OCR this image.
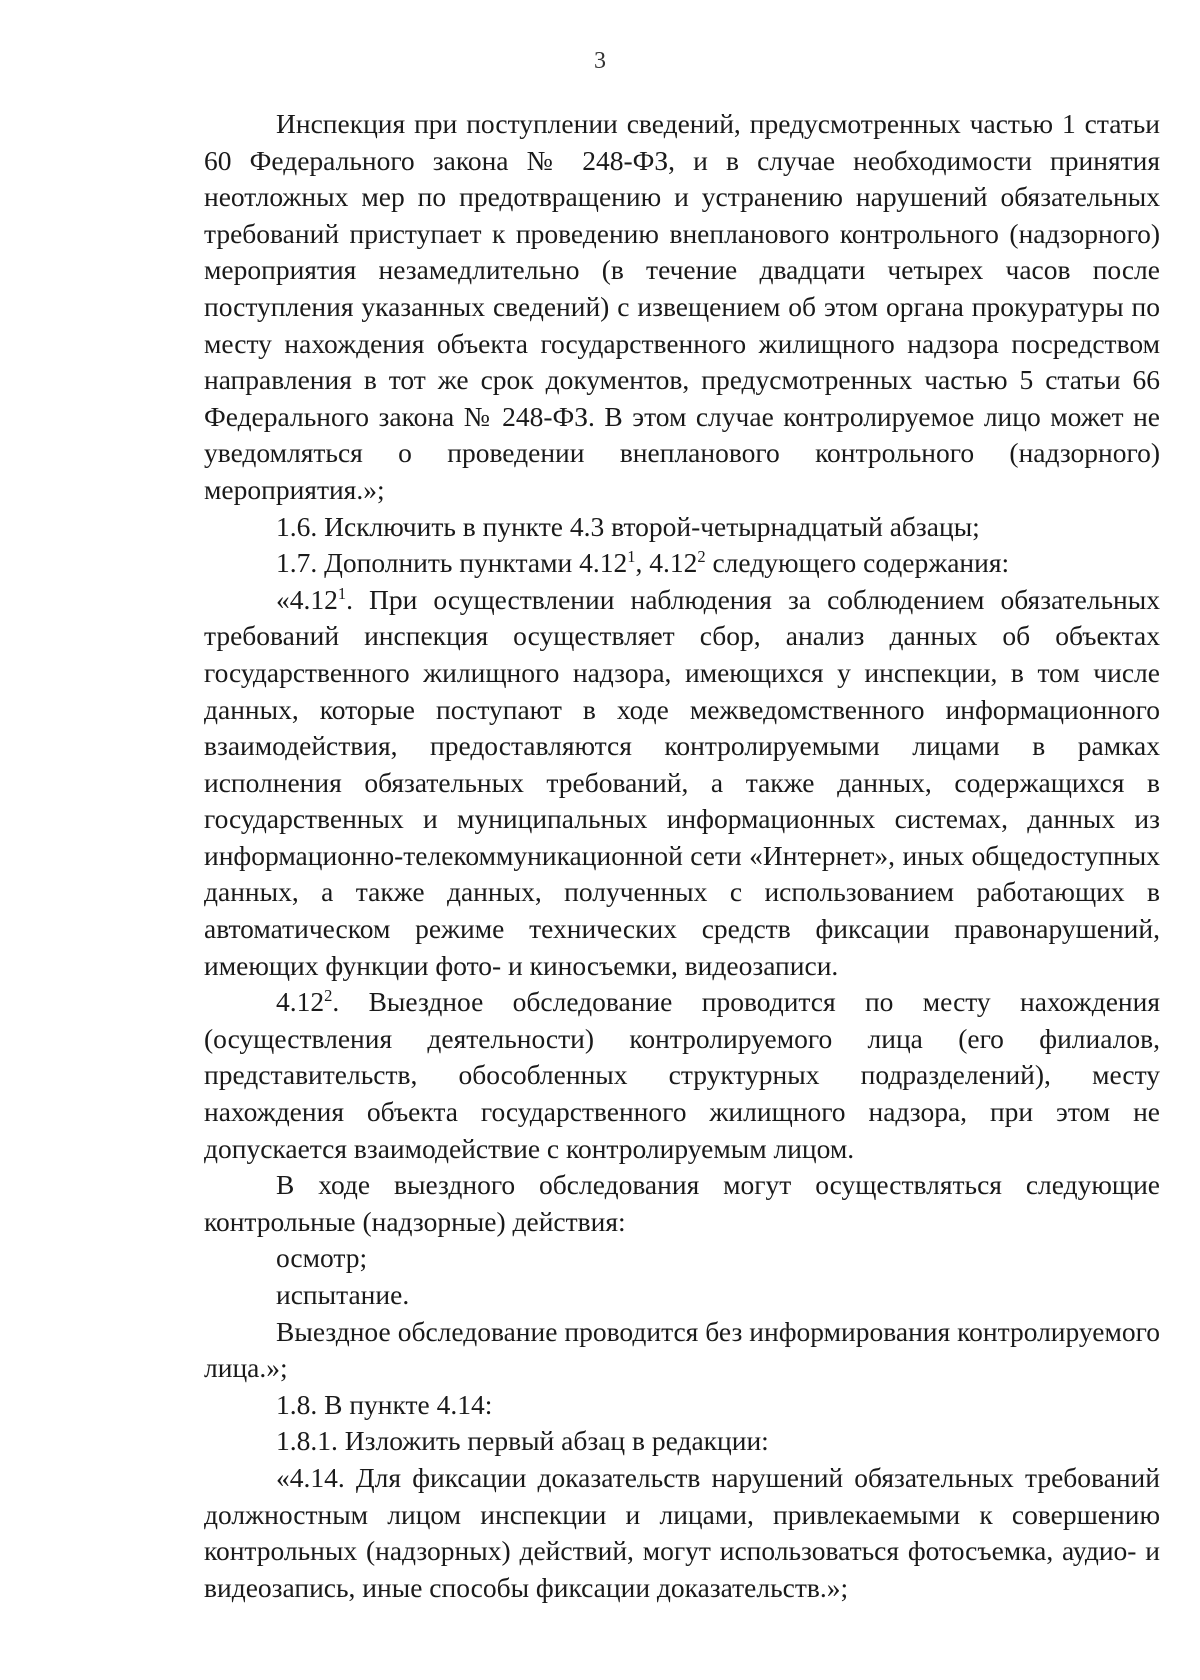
3

Инспекция при поступлении сведений, предусмотренных частью 1 статьи 60 Федерального закона № 248-ФЗ, и в случае необходимости принятия неотложных мер по предотвращению и устранению нарушений обязательных требований приступает к проведению внепланового контрольного (надзорного) мероприятия незамедлительно (в течение двадцати четырех часов после поступления указанных сведений) с извещением об этом органа прокуратуры по месту нахождения объекта государственного жилищного надзора посредством направления в тот же срок документов, предусмотренных частью 5 статьи 66 Федерального закона № 248-ФЗ. В этом случае контролируемое лицо может не уведомляться о проведении внепланового контрольного (надзорного) мероприятия.»;

1.6. Исключить в пункте 4.3 второй-четырнадцатый абзацы;

1.7. Дополнить пунктами 4.12$^1$, 4.12$^2$ следующего содержания:

«4.12$^1$. При осуществлении наблюдения за соблюдением обязательных требований инспекция осуществляет сбор, анализ данных об объектах государственного жилищного надзора, имеющихся у инспекции, в том числе данных, которые поступают в ходе межведомственного информационного взаимодействия, предоставляются контролируемыми лицами в рамках исполнения обязательных требований, а также данных, содержащихся в государственных и муниципальных информационных системах, данных из информационно-телекоммуникационной сети «Интернет», иных общедоступных данных, а также данных, полученных с использованием работающих в автоматическом режиме технических средств фиксации правонарушений, имеющих функции фото- и киносъемки, видеозаписи.

4.12$^2$. Выездное обследование проводится по месту нахождения (осуществления деятельности) контролируемого лица (его филиалов, представительств, обособленных структурных подразделений), месту нахождения объекта государственного жилищного надзора, при этом не допускается взаимодействие с контролируемым лицом.

В ходе выездного обследования могут осуществляться следующие контрольные (надзорные) действия:

осмотр;

испытание.

Выездное обследование проводится без информирования контролируемого лица.»;

1.8. В пункте 4.14:

1.8.1. Изложить первый абзац в редакции:

«4.14. Для фиксации доказательств нарушений обязательных требований должностным лицом инспекции и лицами, привлекаемыми к совершению контрольных (надзорных) действий, могут использоваться фотосъемка, аудио- и видеозапись, иные способы фиксации доказательств.»;
